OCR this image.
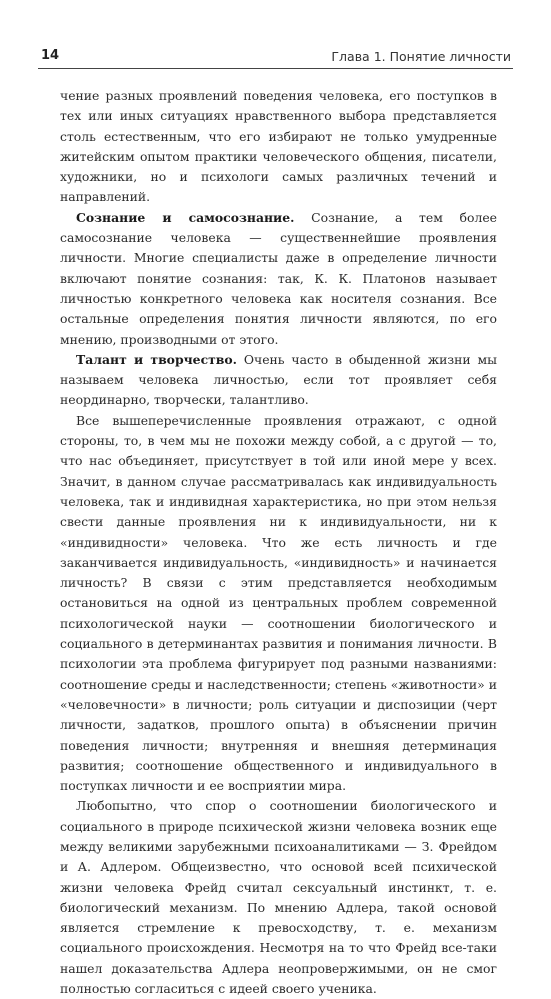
14	Глава 1. Понятие личности

чение разных проявлений поведения человека, его поступков в тех или иных ситуациях нравственного выбора представляется столь естественным, что его избирают не только умудренные житейским опытом практики человеческого общения, писатели, художники, но и психологи самых различных течений и направлений.

Сознание и самосознание. Сознание, а тем более самосознание человека — существеннейшие проявления личности. Многие специалисты даже в определение личности включают понятие сознания: так, К. К. Платонов называет личностью конкретного человека как носителя сознания. Все остальные определения понятия личности являются, по его мнению, производными от этого.

Талант и творчество. Очень часто в обыденной жизни мы называем человека личностью, если тот проявляет себя неординарно, творчески, талантливо.

Все вышеперечисленные проявления отражают, с одной стороны, то, в чем мы не похожи между собой, а с другой — то, что нас объединяет, присутствует в той или иной мере у всех. Значит, в данном случае рассматривалась как индивидуальность человека, так и индивидная характеристика, но при этом нельзя свести данные проявления ни к индивидуальности, ни к «индивидности» человека. Что же есть личность и где заканчивается индивидуальность, «индивидность» и начинается личность? В связи с этим представляется необходимым остановиться на одной из центральных проблем современной психологической науки — соотношении биологического и социального в детерминантах развития и понимания личности. В психологии эта проблема фигурирует под разными названиями: соотношение среды и наследственности; степень «животности» и «человечности» в личности; роль ситуации и диспозиции (черт личности, задатков, прошлого опыта) в объяснении причин поведения личности; внутренняя и внешняя детерминация развития; соотношение общественного и индивидуального в поступках личности и ее восприятии мира.

Любопытно, что спор о соотношении биологического и социального в природе психической жизни человека возник еще между великими зарубежными психоаналитиками — З. Фрейдом и А. Адлером. Общеизвестно, что основой всей психической жизни человека Фрейд считал сексуальный инстинкт, т. е. биологический механизм. По мнению Адлера, такой основой является стремление к превосходству, т. е. механизм социального происхождения. Несмотря на то что Фрейд все-таки нашел доказательства Адлера неопровержимыми, он не смог полностью согласиться с идеей своего ученика.
